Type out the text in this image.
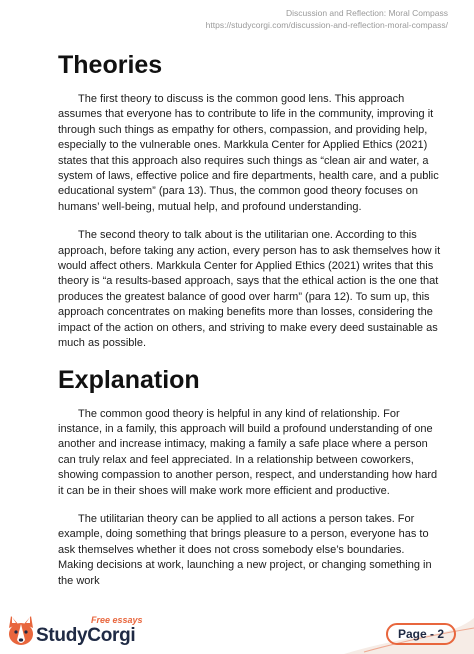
Discussion and Reflection: Moral Compass
https://studycorgi.com/discussion-and-reflection-moral-compass/
Theories

The first theory to discuss is the common good lens. This approach assumes that everyone has to contribute to life in the community, improving it through such things as empathy for others, compassion, and providing help, especially to the vulnerable ones. Markkula Center for Applied Ethics (2021) states that this approach also requires such things as “clean air and water, a system of laws, effective police and fire departments, health care, and a public educational system” (para 13). Thus, the common good theory focuses on humans’ well-being, mutual help, and profound understanding.

The second theory to talk about is the utilitarian one. According to this approach, before taking any action, every person has to ask themselves how it would affect others. Markkula Center for Applied Ethics (2021) writes that this theory is “a results-based approach, says that the ethical action is the one that produces the greatest balance of good over harm” (para 12). To sum up, this approach concentrates on making benefits more than losses, considering the impact of the action on others, and striving to make every deed sustainable as much as possible.

Explanation

The common good theory is helpful in any kind of relationship. For instance, in a family, this approach will build a profound understanding of one another and increase intimacy, making a family a safe place where a person can truly relax and feel appreciated. In a relationship between coworkers, showing compassion to another person, respect, and understanding how hard it can be in their shoes will make work more efficient and productive.

The utilitarian theory can be applied to all actions a person takes. For example, doing something that brings pleasure to a person, everyone has to ask themselves whether it does not cross somebody else’s boundaries. Making decisions at work, launching a new project, or changing something in the work

Free essays
StudyCorgi	Page - 2
